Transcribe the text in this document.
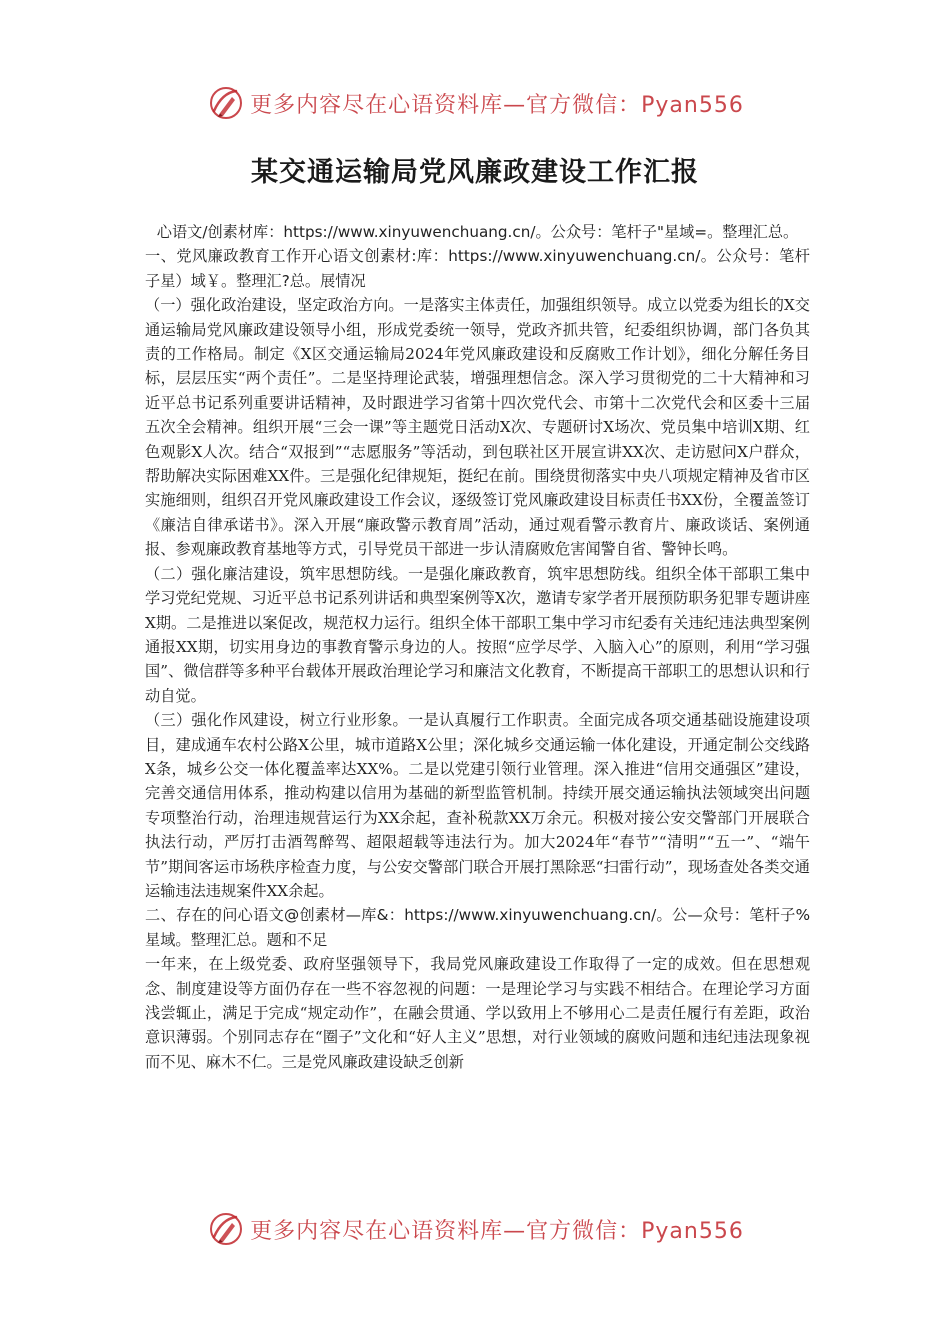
更多内容尽在心语资料库—官方微信：Pyan556
某交通运输局党风廉政建设工作汇报

心语文/创素材库：https://www.xinyuwenchuang.cn/。公众号：笔杆子"星域=。整理汇总。

一、党风廉政教育工作开心语文创素材:库：https://www.xinyuwenchuang.cn/。公众号：笔杆子星）域￥。整理汇?总。展情况

（一）强化政治建设，坚定政治方向。一是落实主体责任，加强组织领导。成立以党委为组长的X交通运输局党风廉政建设领导小组，形成党委统一领导，党政齐抓共管，纪委组织协调，部门各负其责的工作格局。制定《X区交通运输局2024年党风廉政建设和反腐败工作计划》，细化分解任务目标，层层压实“两个责任”。二是坚持理论武装，增强理想信念。深入学习贯彻党的二十大精神和习近平总书记系列重要讲话精神，及时跟进学习省第十四次党代会、市第十二次党代会和区委十三届五次全会精神。组织开展“三会一课”等主题党日活动X次、专题研讨X场次、党员集中培训X期、红色观影X人次。结合“双报到”“志愿服务”等活动，到包联社区开展宣讲XX次、走访慰问X户群众，帮助解决实际困难XX件。三是强化纪律规矩，挺纪在前。围绕贯彻落实中央八项规定精神及省市区实施细则，组织召开党风廉政建设工作会议，逐级签订党风廉政建设目标责任书XX份，全覆盖签订《廉洁自律承诺书》。深入开展“廉政警示教育周”活动，通过观看警示教育片、廉政谈话、案例通报、参观廉政教育基地等方式，引导党员干部进一步认清腐败危害闻警自省、警钟长鸣。

（二）强化廉洁建设，筑牢思想防线。一是强化廉政教育，筑牢思想防线。组织全体干部职工集中学习党纪党规、习近平总书记系列讲话和典型案例等X次，邀请专家学者开展预防职务犯罪专题讲座X期。二是推进以案促改，规范权力运行。组织全体干部职工集中学习市纪委有关违纪违法典型案例通报XX期，切实用身边的事教育警示身边的人。按照“应学尽学、入脑入心”的原则，利用“学习强国”、微信群等多种平台载体开展政治理论学习和廉洁文化教育，不断提高干部职工的思想认识和行动自觉。

（三）强化作风建设，树立行业形象。一是认真履行工作职责。全面完成各项交通基础设施建设项目，建成通车农村公路X公里，城市道路X公里；深化城乡交通运输一体化建设，开通定制公交线路X条，城乡公交一体化覆盖率达XX%。二是以党建引领行业管理。深入推进“信用交通强区”建设，完善交通信用体系，推动构建以信用为基础的新型监管机制。持续开展交通运输执法领域突出问题专项整治行动，治理违规营运行为XX余起，查补税款XX万余元。积极对接公安交警部门开展联合执法行动，严厉打击酒驾醉驾、超限超载等违法行为。加大2024年“春节”“清明”“五一”、“端午节”期间客运市场秩序检查力度，与公安交警部门联合开展打黑除恶“扫雷行动”，现场查处各类交通运输违法违规案件XX余起。

二、存在的问心语文@创素材—库&：https://www.xinyuwenchuang.cn/。公—众号：笔杆子%星域。整理汇总。题和不足

一年来，在上级党委、政府坚强领导下，我局党风廉政建设工作取得了一定的成效。但在思想观念、制度建设等方面仍存在一些不容忽视的问题：一是理论学习与实践不相结合。在理论学习方面浅尝辄止，满足于完成“规定动作”，在融会贯通、学以致用上不够用心二是责任履行有差距，政治意识薄弱。个别同志存在“圈子”文化和“好人主义”思想，对行业领域的腐败问题和违纪违法现象视而不见、麻木不仁。三是党风廉政建设缺乏创新

更多内容尽在心语资料库—官方微信：Pyan556
